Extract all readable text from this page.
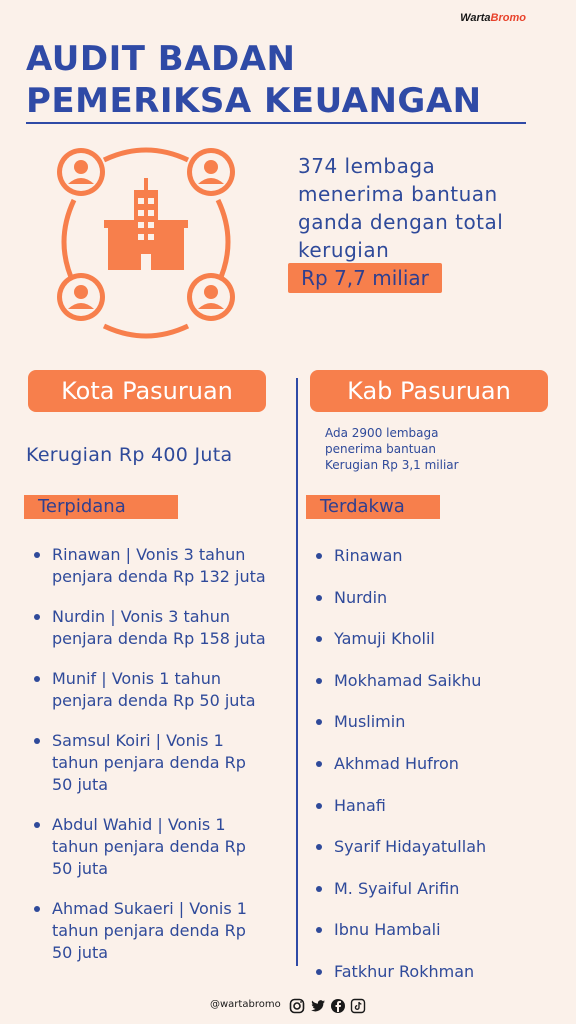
WartaBromo
AUDIT BADAN
PEMERIKSA KEUANGAN
374 lembaga
menerima bantuan
ganda dengan total
kerugian
Rp 7,7 miliar
Kota Pasuruan	Kab Pasuruan
Kerugian Rp 400 Juta
Ada 2900 lembaga
penerima bantuan
Kerugian Rp 3,1 miliar
Terpidana	Terdakwa
Rinawan | Vonis 3 tahun
penjara denda Rp 132 juta
Nurdin | Vonis 3 tahun
penjara denda Rp 158 juta
Munif | Vonis 1 tahun
penjara denda Rp 50 juta
Samsul Koiri | Vonis 1
tahun penjara denda Rp
50 juta
Abdul Wahid | Vonis 1
tahun penjara denda Rp
50 juta
Ahmad Sukaeri | Vonis 1
tahun penjara denda Rp
50 juta
Rinawan
Nurdin
Yamuji Kholil
Mokhamad Saikhu
Muslimin
Akhmad Hufron
Hanafi
Syarif Hidayatullah
M. Syaiful Arifin
Ibnu Hambali
Fatkhur Rokhman
@wartabromo
